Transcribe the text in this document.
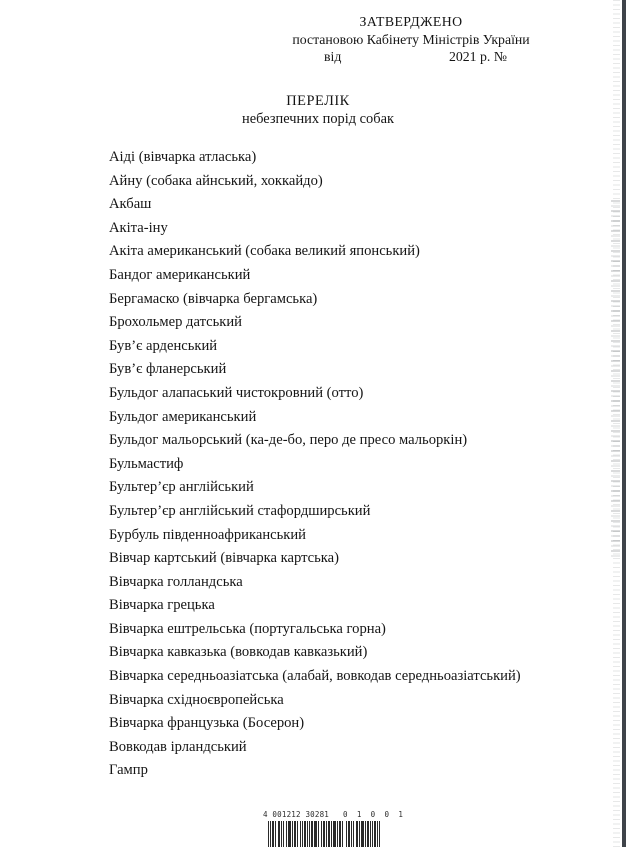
ЗАТВЕРДЖЕНО
постановою Кабінету Міністрів України
від	2021 р. №
ПЕРЕЛІК
небезпечних порід собак
Аіді (вівчарка атласька)
Айну (собака айнський, хоккайдо)
Акбаш
Акіта-іну
Акіта американський (собака великий японський)
Бандог американський
Бергамаско (вівчарка бергамська)
Брохольмер датський
Був’є арденський
Був’є фланерський
Бульдог алапаський чистокровний (отто)
Бульдог американський
Бульдог мальорський (ка-де-бо, перо де пресо мальоркін)
Бульмастиф
Бультер’єр англійський
Бультер’єр англійський стафордширський
Бурбуль південноафриканський
Вівчар картський (вівчарка картська)
Вівчарка голландська
Вівчарка грецька
Вівчарка ештрельська (португальська горна)
Вівчарка кавказька (вовкодав кавказький)
Вівчарка середньоазіатська (алабай, вовкодав середньоазіатський)
Вівчарка східноєвропейська
Вівчарка французька (Босерон)
Вовкодав ірландський
Гампр
4 001212 30281 0 1 0 0 1
